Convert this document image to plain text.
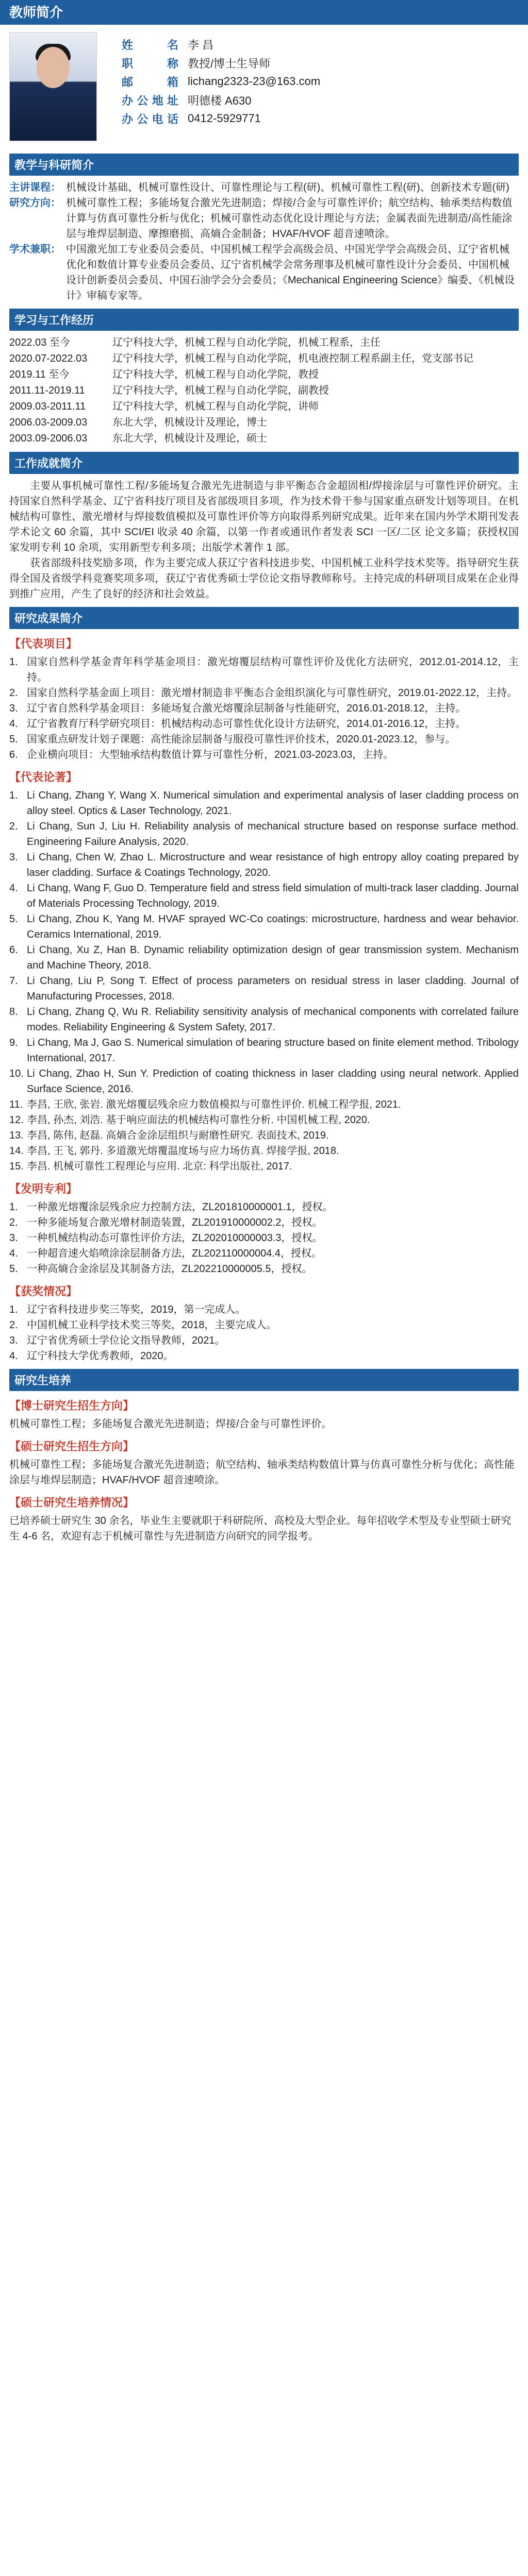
教师简介
姓 名 李 昌
职 称 教授/博士生导师
邮 箱 lichang2323-23@163.com
办公地址 明德楼 A630
办公电话 0412-5929771
教学与科研简介
主讲课程： 机械设计基础、机械可靠性设计、可靠性理论与工程(研)、机械可靠性工程(研)、创新技术专题(研)
研究方向： 机械可靠性工程；多能场复合激光先进制造；焊接/合金与可靠性评价；航空结构、轴承类结构数值计算与仿真可靠性分析与优化；机械可靠性动态优化设计理论与方法；金属表面先进制造/高性能涂层与堆焊层制造、摩擦磨损、高熵合金制备；HVAF/HVOF 超音速喷涂。
学术兼职： 中国激光加工专业委员会委员、中国机械工程学会高级会员、中国光学学会高级会员、辽宁省机械优化和数值计算专业委员会委员、辽宁省机械学会常务理事及机械可靠性设计分会委员、中国机械设计创新委员会委员、中国石油学会分会委员；《Mechanical Engineering Science》编委、《机械设计》审稿专家等。
学习与工作经历
2022.03 至今	辽宁科技大学，机械工程与自动化学院，机械工程系，主任
2020.07-2022.03	辽宁科技大学，机械工程与自动化学院，机电液控制工程系副主任，党支部书记
2019.11 至今	辽宁科技大学，机械工程与自动化学院，教授
2011.11-2019.11	辽宁科技大学，机械工程与自动化学院，副教授
2009.03-2011.11	辽宁科技大学，机械工程与自动化学院，讲师
2006.03-2009.03	东北大学，机械设计及理论，博士
2003.09-2006.03	东北大学，机械设计及理论，硕士
工作成就简介

主要从事机械可靠性工程/多能场复合激光先进制造与非平衡态合金超固相/焊接涂层与可靠性评价研究。主持国家自然科学基金、辽宁省科技厅项目及省部级项目多项，作为技术骨干参与国家重点研发计划等项目。在机械结构可靠性、激光增材与焊接数值模拟及可靠性评价等方向取得系列研究成果。近年来在国内外学术期刊发表学术论文 60 余篇，其中 SCI/EI 收录 40 余篇，以第一作者或通讯作者发表 SCI 一区/二区 论文多篇；获授权国家发明专利 10 余项，实用新型专利多项；出版学术著作 1 部。

获省部级科技奖励多项，作为主要完成人获辽宁省科技进步奖、中国机械工业科学技术奖等。指导研究生获得全国及省级学科竞赛奖项多项，获辽宁省优秀硕士学位论文指导教师称号。主持完成的科研项目成果在企业得到推广应用，产生了良好的经济和社会效益。

研究成果简介
【代表项目】
1. 国家自然科学基金青年科学基金项目：激光熔覆层结构可靠性评价及优化方法研究，2012.01-2014.12，主持。
2. 国家自然科学基金面上项目：激光增材制造非平衡态合金组织演化与可靠性研究，2019.01-2022.12，主持。
3. 辽宁省自然科学基金项目：多能场复合激光熔覆涂层制备与性能研究，2016.01-2018.12，主持。
4. 辽宁省教育厅科学研究项目：机械结构动态可靠性优化设计方法研究，2014.01-2016.12，主持。
5. 国家重点研发计划子课题：高性能涂层制备与服役可靠性评价技术，2020.01-2023.12，参与。
6. 企业横向项目：大型轴承结构数值计算与可靠性分析，2021.03-2023.03，主持。
【代表论著】
1. Li Chang, Zhang Y, Wang X. Numerical simulation and experimental analysis of laser cladding process on alloy steel. Optics & Laser Technology, 2021.
2. Li Chang, Sun J, Liu H. Reliability analysis of mechanical structure based on response surface method. Engineering Failure Analysis, 2020.
3. Li Chang, Chen W, Zhao L. Microstructure and wear resistance of high entropy alloy coating prepared by laser cladding. Surface & Coatings Technology, 2020.
4. Li Chang, Wang F, Guo D. Temperature field and stress field simulation of multi-track laser cladding. Journal of Materials Processing Technology, 2019.
5. Li Chang, Zhou K, Yang M. HVAF sprayed WC-Co coatings: microstructure, hardness and wear behavior. Ceramics International, 2019.
6. Li Chang, Xu Z, Han B. Dynamic reliability optimization design of gear transmission system. Mechanism and Machine Theory, 2018.
7. Li Chang, Liu P, Song T. Effect of process parameters on residual stress in laser cladding. Journal of Manufacturing Processes, 2018.
8. Li Chang, Zhang Q, Wu R. Reliability sensitivity analysis of mechanical components with correlated failure modes. Reliability Engineering & System Safety, 2017.
9. Li Chang, Ma J, Gao S. Numerical simulation of bearing structure based on finite element method. Tribology International, 2017.
10. Li Chang, Zhao H, Sun Y. Prediction of coating thickness in laser cladding using neural network. Applied Surface Science, 2016.
11. 李昌, 王欣, 张岩. 激光熔覆层残余应力数值模拟与可靠性评价. 机械工程学报, 2021.
12. 李昌, 孙杰, 刘浩. 基于响应面法的机械结构可靠性分析. 中国机械工程, 2020.
13. 李昌, 陈伟, 赵磊. 高熵合金涂层组织与耐磨性研究. 表面技术, 2019.
14. 李昌, 王飞, 郭丹. 多道激光熔覆温度场与应力场仿真. 焊接学报, 2018.
15. 李昌. 机械可靠性工程理论与应用. 北京: 科学出版社, 2017.
【发明专利】
1. 一种激光熔覆涂层残余应力控制方法，ZL201810000001.1，授权。
2. 一种多能场复合激光增材制造装置，ZL201910000002.2，授权。
3. 一种机械结构动态可靠性评价方法，ZL202010000003.3，授权。
4. 一种超音速火焰喷涂涂层制备方法，ZL202110000004.4，授权。
5. 一种高熵合金涂层及其制备方法，ZL202210000005.5，授权。
【获奖情况】
1. 辽宁省科技进步奖三等奖，2019，第一完成人。
2. 中国机械工业科学技术奖三等奖，2018，主要完成人。
3. 辽宁省优秀硕士学位论文指导教师，2021。
4. 辽宁科技大学优秀教师，2020。
研究生培养
【博士研究生招生方向】
机械可靠性工程；多能场复合激光先进制造；焊接/合金与可靠性评价。
【硕士研究生招生方向】
机械可靠性工程；多能场复合激光先进制造；航空结构、轴承类结构数值计算与仿真可靠性分析与优化；高性能涂层与堆焊层制造；HVAF/HVOF 超音速喷涂。
【硕士研究生培养情况】
已培养硕士研究生 30 余名，毕业生主要就职于科研院所、高校及大型企业。每年招收学术型及专业型硕士研究生 4-6 名，欢迎有志于机械可靠性与先进制造方向研究的同学报考。
